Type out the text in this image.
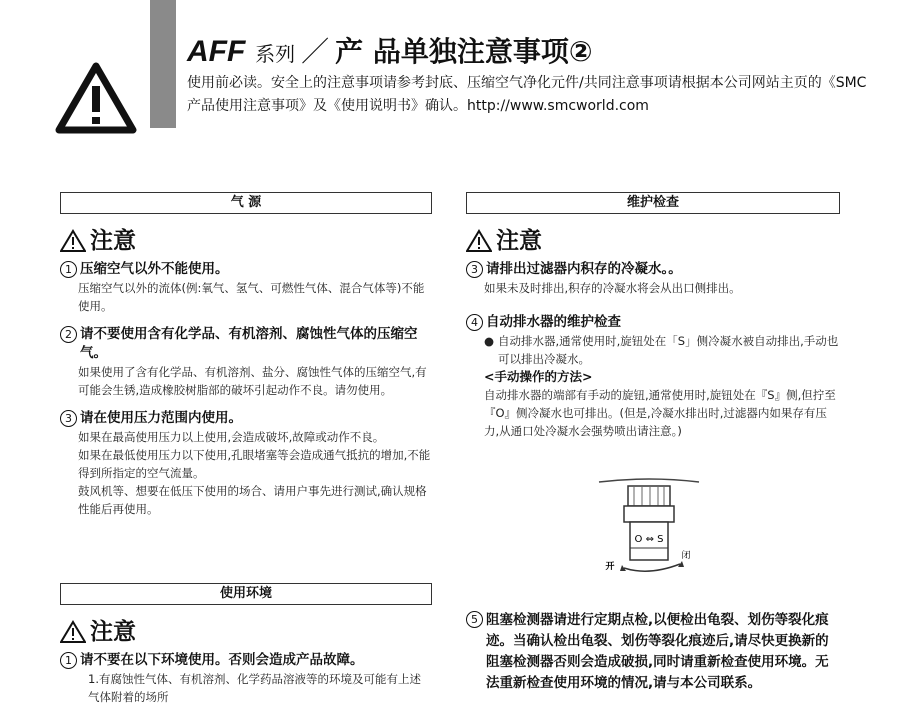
AFF 系列 ／ 产 品单独注意事项②
使用前必读。安全上的注意事项请参考封底、压缩空气净化元件/共同注意事项请根据本公司网站主页的《SMC产品使用注意事项》及《使用说明书》确认。http://www.smcworld.com
气 源
注意
1 压缩空气以外不能使用。
压缩空气以外的流体(例:氧气、氢气、可燃性气体、混合气体等)不能使用。
2 请不要使用含有化学品、有机溶剂、腐蚀性气体的压缩空气。
如果使用了含有化学品、有机溶剂、盐分、腐蚀性气体的压缩空气,有可能会生锈,造成橡胶树脂部的破坏引起动作不良。请勿使用。
3 请在使用压力范围内使用。
如果在最高使用压力以上使用,会造成破坏,故障或动作不良。
如果在最低使用压力以下使用,孔眼堵塞等会造成通气抵抗的增加,不能得到所指定的空气流量。
鼓风机等、想要在低压下使用的场合、请用户事先进行测试,确认规格性能后再使用。
使用环境
注意
1 请不要在以下环境使用。否则会造成产品故障。
1.有腐蚀性气体、有机溶剂、化学药品溶液等的环境及可能有上述气体附着的场所
维护检查
注意
3 请排出过滤器内积存的冷凝水。。
如果未及时排出,积存的冷凝水将会从出口侧排出。
4 自动排水器的维护检查
● 自动排水器,通常使用时,旋钮处在「S」侧冷凝水被自动排出,手动也可以排出冷凝水。
<手动操作的方法>
自动排水器的端部有手动的旋钮,通常使用时,旋钮处在『S』侧,但拧至『O』侧冷凝水也可排出。(但是,冷凝水排出时,过滤器内如果存有压力,从通口处冷凝水会强势喷出请注意。)
O ⇔ S
开
闭
5 阻塞检测器请进行定期点检,以便检出龟裂、划伤等裂化痕迹。当确认检出龟裂、划伤等裂化痕迹后,请尽快更换新的阻塞检测器否则会造成破损,同时请重新检查使用环境。无法重新检查使用环境的情况,请与本公司联系。
